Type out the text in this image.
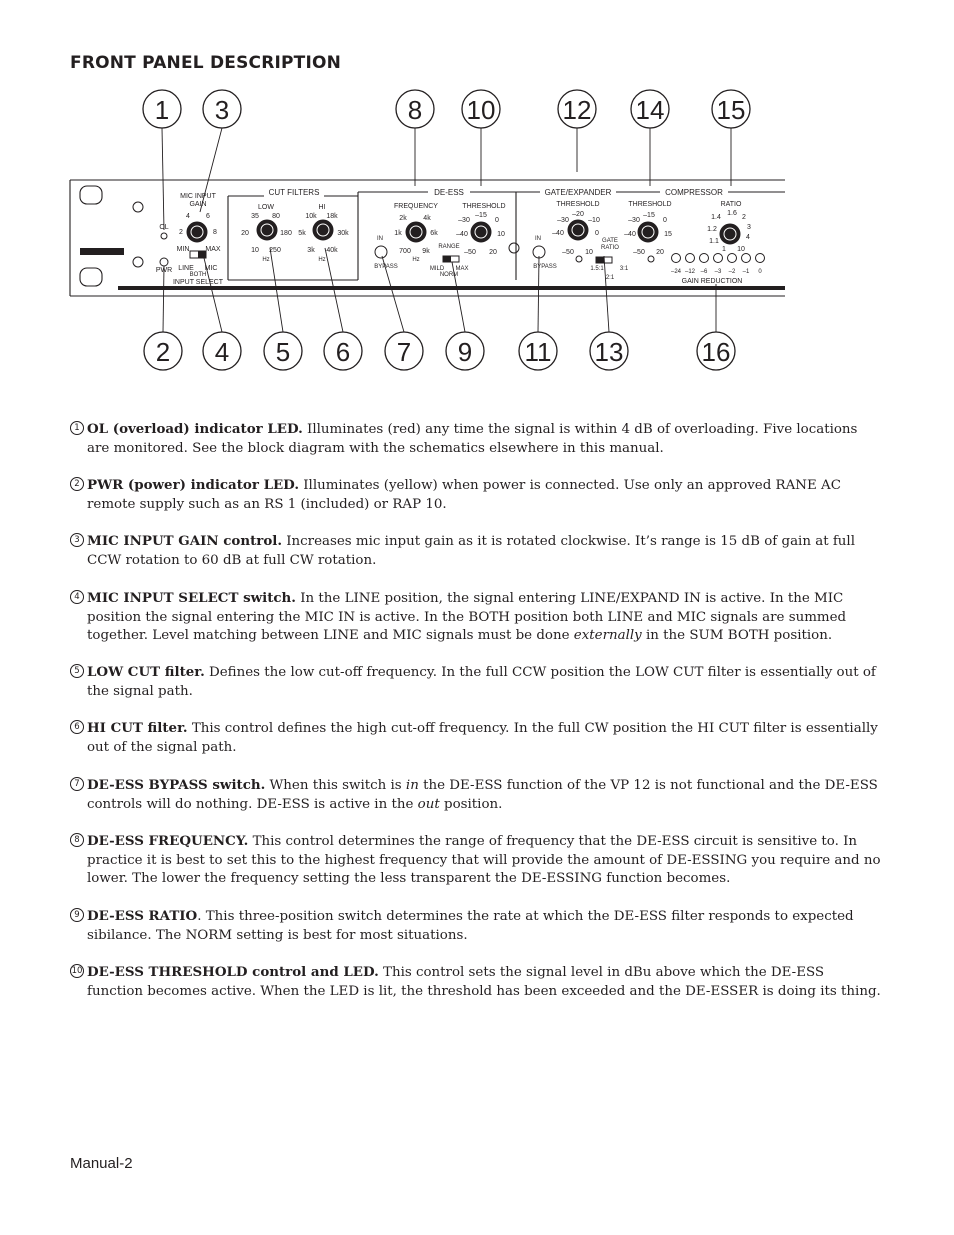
FRONT PANEL DESCRIPTION
1 3	8 10	12 14 15
2 4 5 6 7 9 11 13	16
CUT FILTERS	DE-ESS	GATE/EXPANDER	COMPRESSOR
MIC INPUT
GAIN
OL
PWR
4 6
2	8
MIN MAX
LINE MIC
BOTH
INPUT SELECT
LOW	HI
35 80
20	180
10 250
Hz
10k 18k
5k	30k
3k 40k
Hz
FREQUENCY
2k 4k
1k	6k
700 9k
Hz
THRESHOLD
–30
–15
0
–40	10
–50 20
IN
BYPASS
RANGE
MILD
NORM
MAX
THRESHOLD
–30
–20
–10
–40	0
–50 10
IN
BYPASS
GATE
RATIO
1.5:1
2:1
3:1
THRESHOLD
–30
–15
0
–40	15
–50 20
RATIO
1.4
1.6
2
1.2	3
1.1
4
1 10
–24 –12 –6 –3 –2 –1 0
GAIN REDUCTION
1 OL (overload) indicator LED. Illuminates (red) any time the signal is within 4 dB of overloading. Five locations are monitored. See the block diagram with the schematics elsewhere in this manual.
2 PWR (power) indicator LED. Illuminates (yellow) when power is connected. Use only an approved RANE AC remote supply such as an RS 1 (included) or RAP 10.
3 MIC INPUT GAIN control. Increases mic input gain as it is rotated clockwise. It’s range is 15 dB of gain at full CCW rotation to 60 dB at full CW rotation.
4 MIC INPUT SELECT switch. In the LINE position, the signal entering LINE/EXPAND IN is active. In the MIC position the signal entering the MIC IN is active. In the BOTH position both LINE and MIC signals are summed together. Level matching between LINE and MIC signals must be done externally in the SUM BOTH position.
5 LOW CUT filter. Defines the low cut-off frequency. In the full CCW position the LOW CUT filter is essentially out of the signal path.
6 HI CUT filter. This control defines the high cut-off frequency. In the full CW position the HI CUT filter is essentially out of the signal path.
7 DE-ESS BYPASS switch. When this switch is in the DE-ESS function of the VP 12 is not functional and the DE-ESS controls will do nothing. DE-ESS is active in the out position.
8 DE-ESS FREQUENCY. This control determines the range of frequency that the DE-ESS circuit is sensitive to. In practice it is best to set this to the highest frequency that will provide the amount of DE-ESSING you require and no lower. The lower the frequency setting the less transparent the DE-ESSING function becomes.
9 DE-ESS RATIO. This three-position switch determines the rate at which the DE-ESS filter responds to expected sibilance. The NORM setting is best for most situations.
10 DE-ESS THRESHOLD control and LED. This control sets the signal level in dBu above which the DE-ESS function becomes active. When the LED is lit, the threshold has been exceeded and the DE-ESSER is doing its thing.
Manual-2
